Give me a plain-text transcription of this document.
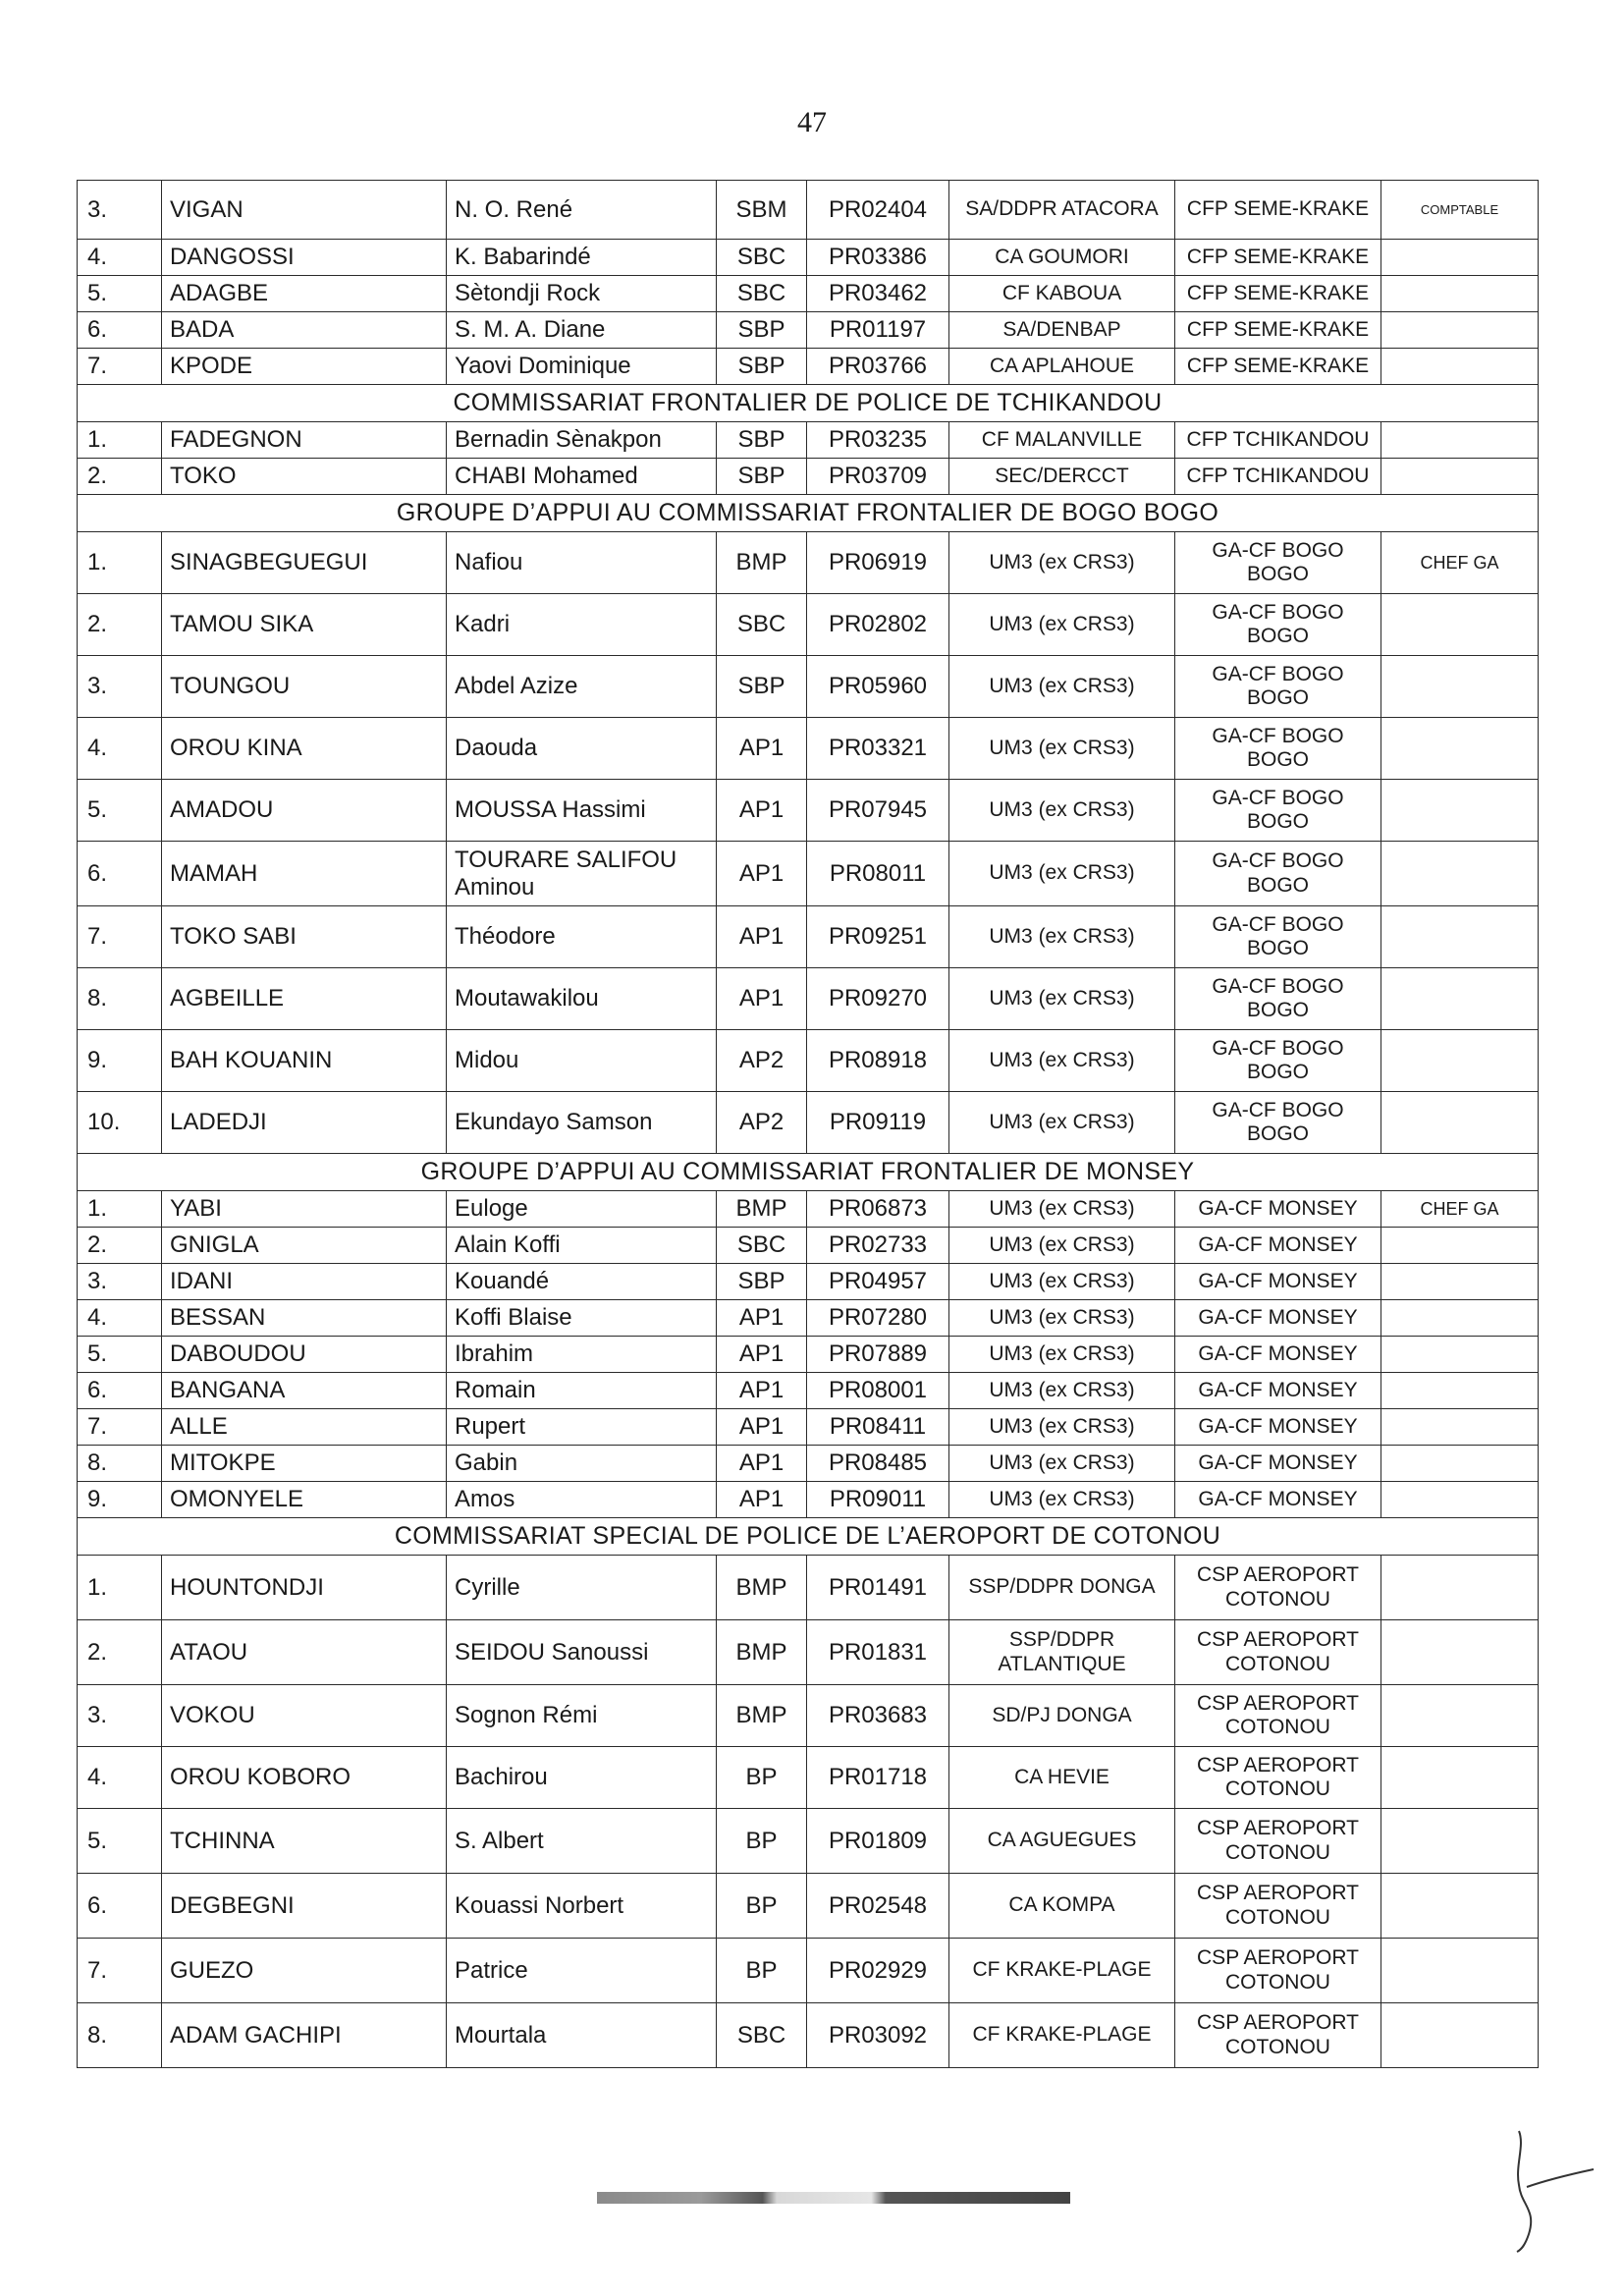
47
3.	VIGAN	N. O. René	SBM	PR02404	SA/DDPR ATACORA	CFP SEME-KRAKE	COMPTABLE
4.	DANGOSSI	K. Babarindé	SBC	PR03386	CA GOUMORI	CFP SEME-KRAKE	
5.	ADAGBE	Sètondji Rock	SBC	PR03462	CF KABOUA	CFP SEME-KRAKE	
6.	BADA	S. M. A. Diane	SBP	PR01197	SA/DENBAP	CFP SEME-KRAKE	
7.	KPODE	Yaovi Dominique	SBP	PR03766	CA APLAHOUE	CFP SEME-KRAKE	
COMMISSARIAT FRONTALIER DE POLICE DE TCHIKANDOU							
1.	FADEGNON	Bernadin Sènakpon	SBP	PR03235	CF MALANVILLE	CFP TCHIKANDOU	
2.	TOKO	CHABI Mohamed	SBP	PR03709	SEC/DERCCT	CFP TCHIKANDOU	
GROUPE D’APPUI AU COMMISSARIAT FRONTALIER DE BOGO BOGO							
1.	SINAGBEGUEGUI	Nafiou	BMP	PR06919	UM3 (ex CRS3)	GA-CF BOGO BOGO	CHEF GA
2.	TAMOU SIKA	Kadri	SBC	PR02802	UM3 (ex CRS3)	GA-CF BOGO BOGO	
3.	TOUNGOU	Abdel Azize	SBP	PR05960	UM3 (ex CRS3)	GA-CF BOGO BOGO	
4.	OROU KINA	Daouda	AP1	PR03321	UM3 (ex CRS3)	GA-CF BOGO BOGO	
5.	AMADOU	MOUSSA Hassimi	AP1	PR07945	UM3 (ex CRS3)	GA-CF BOGO BOGO	
6.	MAMAH	TOURARE SALIFOU Aminou	AP1	PR08011	UM3 (ex CRS3)	GA-CF BOGO BOGO	
7.	TOKO SABI	Théodore	AP1	PR09251	UM3 (ex CRS3)	GA-CF BOGO BOGO	
8.	AGBEILLE	Moutawakilou	AP1	PR09270	UM3 (ex CRS3)	GA-CF BOGO BOGO	
9.	BAH KOUANIN	Midou	AP2	PR08918	UM3 (ex CRS3)	GA-CF BOGO BOGO	
10.	LADEDJI	Ekundayo Samson	AP2	PR09119	UM3 (ex CRS3)	GA-CF BOGO BOGO	
GROUPE D’APPUI AU COMMISSARIAT FRONTALIER DE MONSEY							
1.	YABI	Euloge	BMP	PR06873	UM3 (ex CRS3)	GA-CF MONSEY	CHEF GA
2.	GNIGLA	Alain Koffi	SBC	PR02733	UM3 (ex CRS3)	GA-CF MONSEY	
3.	IDANI	Kouandé	SBP	PR04957	UM3 (ex CRS3)	GA-CF MONSEY	
4.	BESSAN	Koffi Blaise	AP1	PR07280	UM3 (ex CRS3)	GA-CF MONSEY	
5.	DABOUDOU	Ibrahim	AP1	PR07889	UM3 (ex CRS3)	GA-CF MONSEY	
6.	BANGANA	Romain	AP1	PR08001	UM3 (ex CRS3)	GA-CF MONSEY	
7.	ALLE	Rupert	AP1	PR08411	UM3 (ex CRS3)	GA-CF MONSEY	
8.	MITOKPE	Gabin	AP1	PR08485	UM3 (ex CRS3)	GA-CF MONSEY	
9.	OMONYELE	Amos	AP1	PR09011	UM3 (ex CRS3)	GA-CF MONSEY	
COMMISSARIAT SPECIAL DE POLICE DE L’AEROPORT DE COTONOU							
1.	HOUNTONDJI	Cyrille	BMP	PR01491	SSP/DDPR DONGA	CSP AEROPORT COTONOU	
2.	ATAOU	SEIDOU Sanoussi	BMP	PR01831	SSP/DDPR ATLANTIQUE	CSP AEROPORT COTONOU	
3.	VOKOU	Sognon Rémi	BMP	PR03683	SD/PJ DONGA	CSP AEROPORT COTONOU	
4.	OROU KOBORO	Bachirou	BP	PR01718	CA HEVIE	CSP AEROPORT COTONOU	
5.	TCHINNA	S. Albert	BP	PR01809	CA AGUEGUES	CSP AEROPORT COTONOU	
6.	DEGBEGNI	Kouassi Norbert	BP	PR02548	CA KOMPA	CSP AEROPORT COTONOU	
7.	GUEZO	Patrice	BP	PR02929	CF KRAKE-PLAGE	CSP AEROPORT COTONOU	
8.	ADAM GACHIPI	Mourtala	SBC	PR03092	CF KRAKE-PLAGE	CSP AEROPORT COTONOU	
